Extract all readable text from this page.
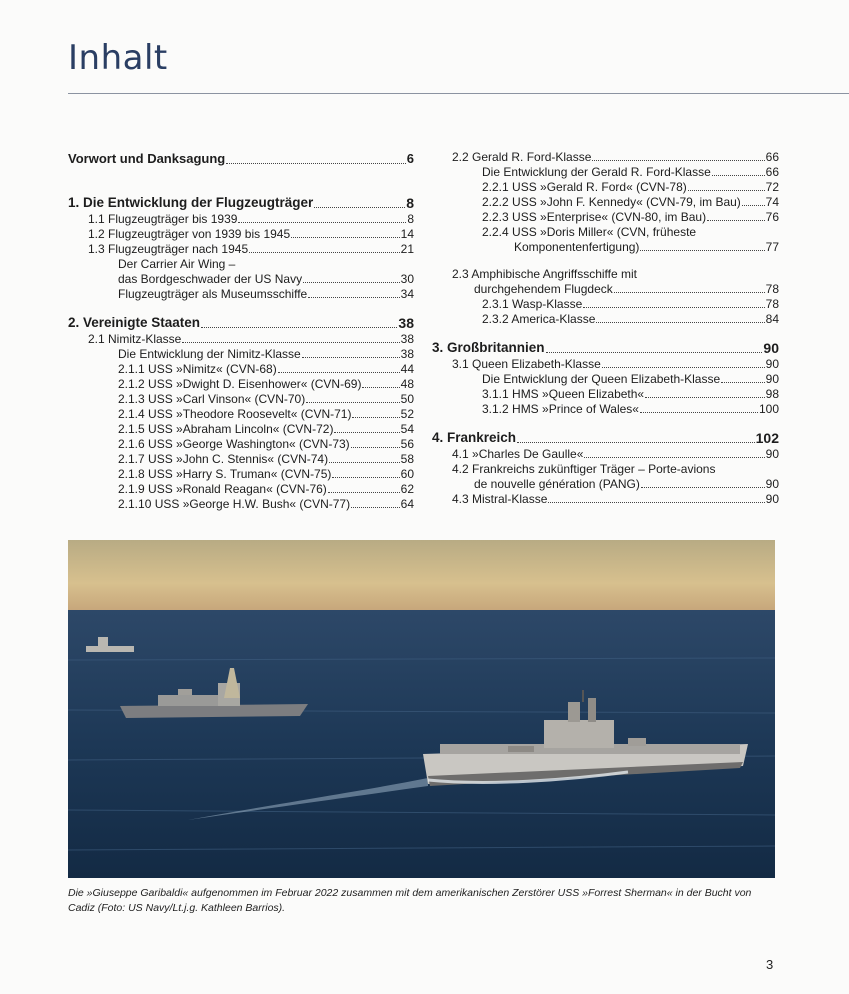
Inhalt
Vorwort und Danksagung	6
1. Die Entwicklung der Flugzeugträger	8
1.1 Flugzeugträger bis 1939	8
1.2 Flugzeugträger von 1939 bis 1945	14
1.3 Flugzeugträger nach 1945	21
Der Carrier Air Wing –
das Bordgeschwader der US Navy	30
Flugzeugträger als Museumsschiffe	34
2. Vereinigte Staaten	38
2.1 Nimitz-Klasse	38
Die Entwicklung der Nimitz-Klasse	38
2.1.1 USS »Nimitz« (CVN-68)	44
2.1.2 USS »Dwight D. Eisenhower« (CVN-69)	48
2.1.3 USS »Carl Vinson« (CVN-70)	50
2.1.4 USS »Theodore Roosevelt« (CVN-71)	52
2.1.5 USS »Abraham Lincoln« (CVN-72)	54
2.1.6 USS »George Washington« (CVN-73)	56
2.1.7 USS »John C. Stennis« (CVN-74)	58
2.1.8 USS »Harry S. Truman« (CVN-75)	60
2.1.9 USS »Ronald Reagan« (CVN-76)	62
2.1.10 USS »George H.W. Bush« (CVN-77)	64
2.2 Gerald R. Ford-Klasse	66
Die Entwicklung der Gerald R. Ford-Klasse	66
2.2.1 USS »Gerald R. Ford« (CVN-78)	72
2.2.2 USS »John F. Kennedy« (CVN-79, im Bau) 74
2.2.3 USS »Enterprise« (CVN-80, im Bau)	76
2.2.4 USS »Doris Miller« (CVN, früheste
Komponentenfertigung)	77
2.3 Amphibische Angriffsschiffe mit
durchgehendem Flugdeck	78
2.3.1 Wasp-Klasse	78
2.3.2 America-Klasse	84
3. Großbritannien	90
3.1 Queen Elizabeth-Klasse	90
Die Entwicklung der Queen Elizabeth-Klasse	90
3.1.1 HMS »Queen Elizabeth«	98
3.1.2 HMS »Prince of Wales«	100
4. Frankreich	102
4.1 »Charles De Gaulle«	90
4.2 Frankreichs zukünftiger Träger – Porte-avions
de nouvelle génération (PANG)	90
4.3 Mistral-Klasse	90
Die »Giuseppe Garibaldi« aufgenommen im Februar 2022 zusammen mit dem amerikanischen Zerstörer USS »Forrest Sherman« in der Bucht von Cadiz (Foto: US Navy/Lt.j.g. Kathleen Barrios).
3
